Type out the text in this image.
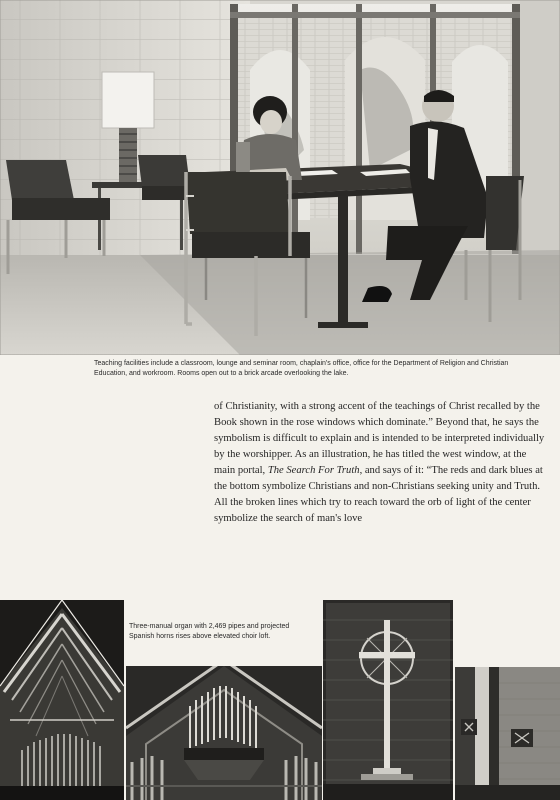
Teaching facilities include a classroom, lounge and seminar room, chaplain's office, office for the Department of Religion and Christian Education, and workroom. Rooms open out to a brick arcade overlooking the lake.

of Christianity, with a strong accent of the teachings of Christ recalled by the Book shown in the rose windows which dominate.” Beyond that, he says the symbolism is difficult to explain and is intended to be interpreted individually by the worshipper. As an illustration, he has titled the west window, at the main portal, The Search For Truth, and says of it: “The reds and dark blues at the bottom symbolize Christians and non-Christians seeking unity and Truth. All the broken lines which try to reach toward the orb of light of the center symbolize the search of man's love

Three-manual organ with 2,469 pipes and projected Spanish horns rises above elevated choir loft.
